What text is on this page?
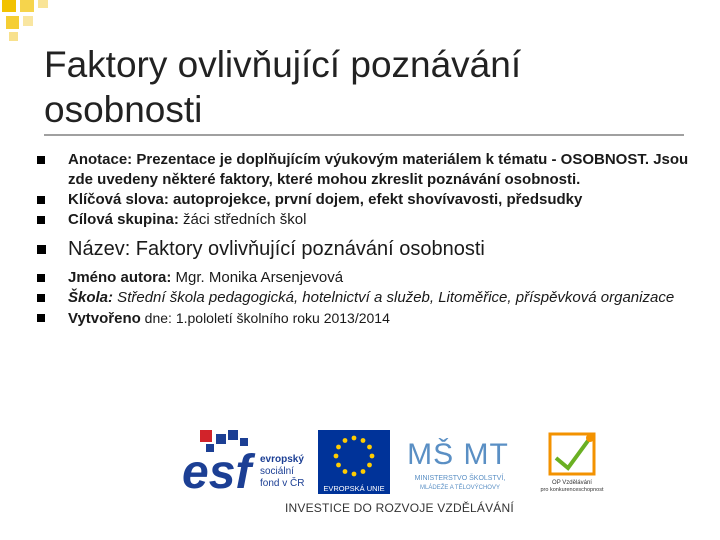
Faktory ovlivňující poznávání
osobnosti

Anotace: Prezentace je doplňujícím výukovým materiálem k tématu - OSOBNOST. Jsou zde uvedeny některé faktory, které mohou zkreslit poznávání osobnosti.

Klíčová slova: autoprojekce, první dojem, efekt shovívavosti, předsudky

Cílová skupina: žáci středních škol

Název: Faktory ovlivňující poznávání osobnosti

Jméno autora: Mgr. Monika Arsenjevová

Škola: Střední škola pedagogická, hotelnictví a služeb, Litoměřice, příspěvková organizace

Vytvořeno dne: 1.pololetí školního roku 2013/2014

esf evropský
sociální
fond v ČR	EVROPSKÁ UNIE
MŠ MT
MINISTERSTVO ŠKOLSTVÍ,
MLÁDEŽE A TĚLOVÝCHOVY
OP Vzdělávání
pro konkurenceschopnost
INVESTICE DO ROZVOJE VZDĚLÁVÁNÍ
